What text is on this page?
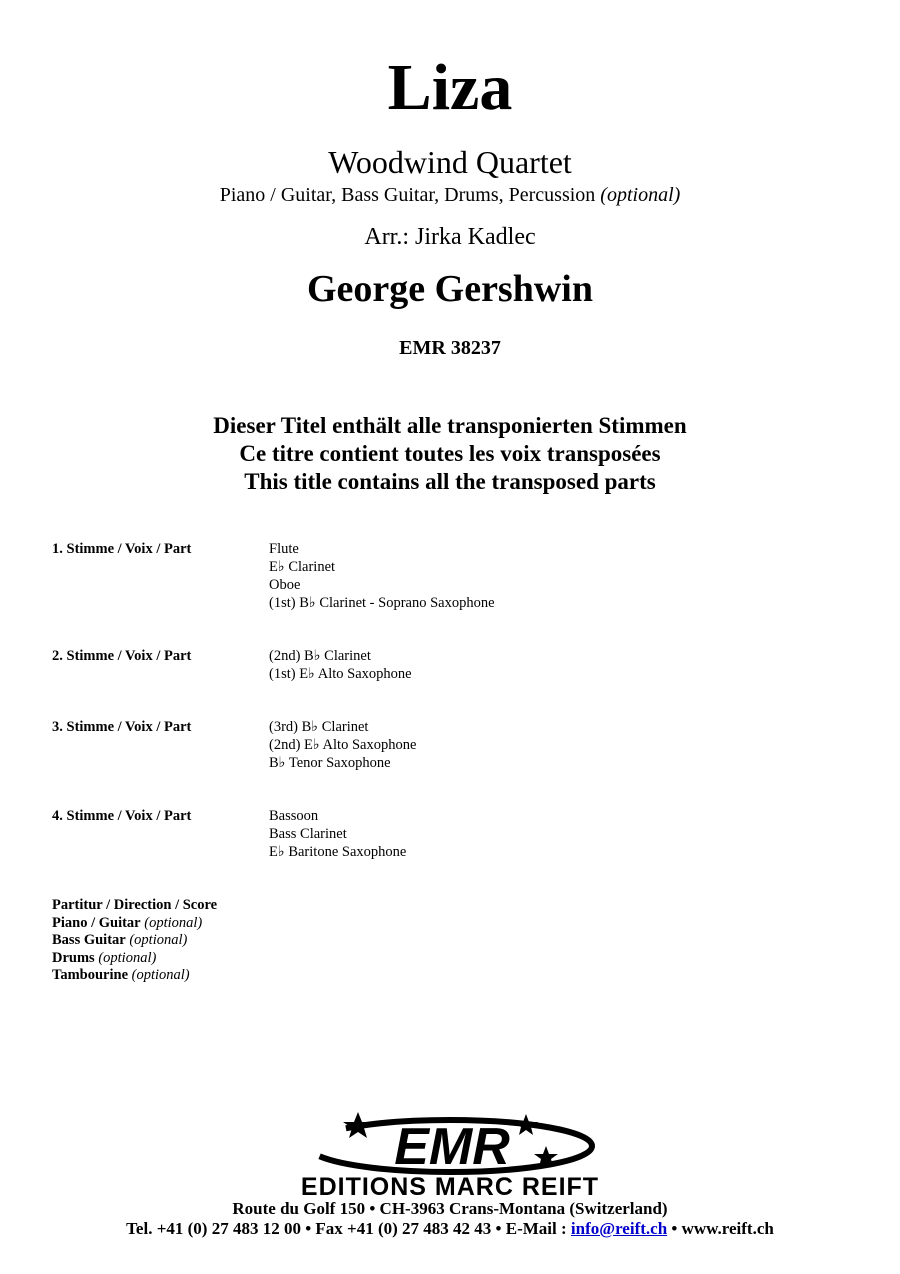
Liza
Woodwind Quartet
Piano / Guitar, Bass Guitar, Drums, Percussion (optional)
Arr.: Jirka Kadlec
George Gershwin
EMR 38237
Dieser Titel enthält alle transponierten Stimmen
Ce titre contient toutes les voix transposées
This title contains all the transposed parts
1. Stimme / Voix / Part	Flute
E♭ Clarinet
Oboe
(1st) B♭ Clarinet - Soprano Saxophone
2. Stimme / Voix / Part	(2nd) B♭ Clarinet
(1st) E♭ Alto Saxophone
3. Stimme / Voix / Part	(3rd) B♭ Clarinet
(2nd) E♭ Alto Saxophone
B♭ Tenor Saxophone
4. Stimme / Voix / Part	Bassoon
Bass Clarinet
E♭ Baritone Saxophone
Partitur / Direction / Score
Piano / Guitar (optional)
Bass Guitar (optional)
Drums (optional)
Tambourine (optional)
EMR
EDITIONS MARC REIFT
Route du Golf 150 • CH-3963 Crans-Montana (Switzerland)
Tel. +41 (0) 27 483 12 00 • Fax +41 (0) 27 483 42 43 • E-Mail : info@reift.ch • www.reift.ch
